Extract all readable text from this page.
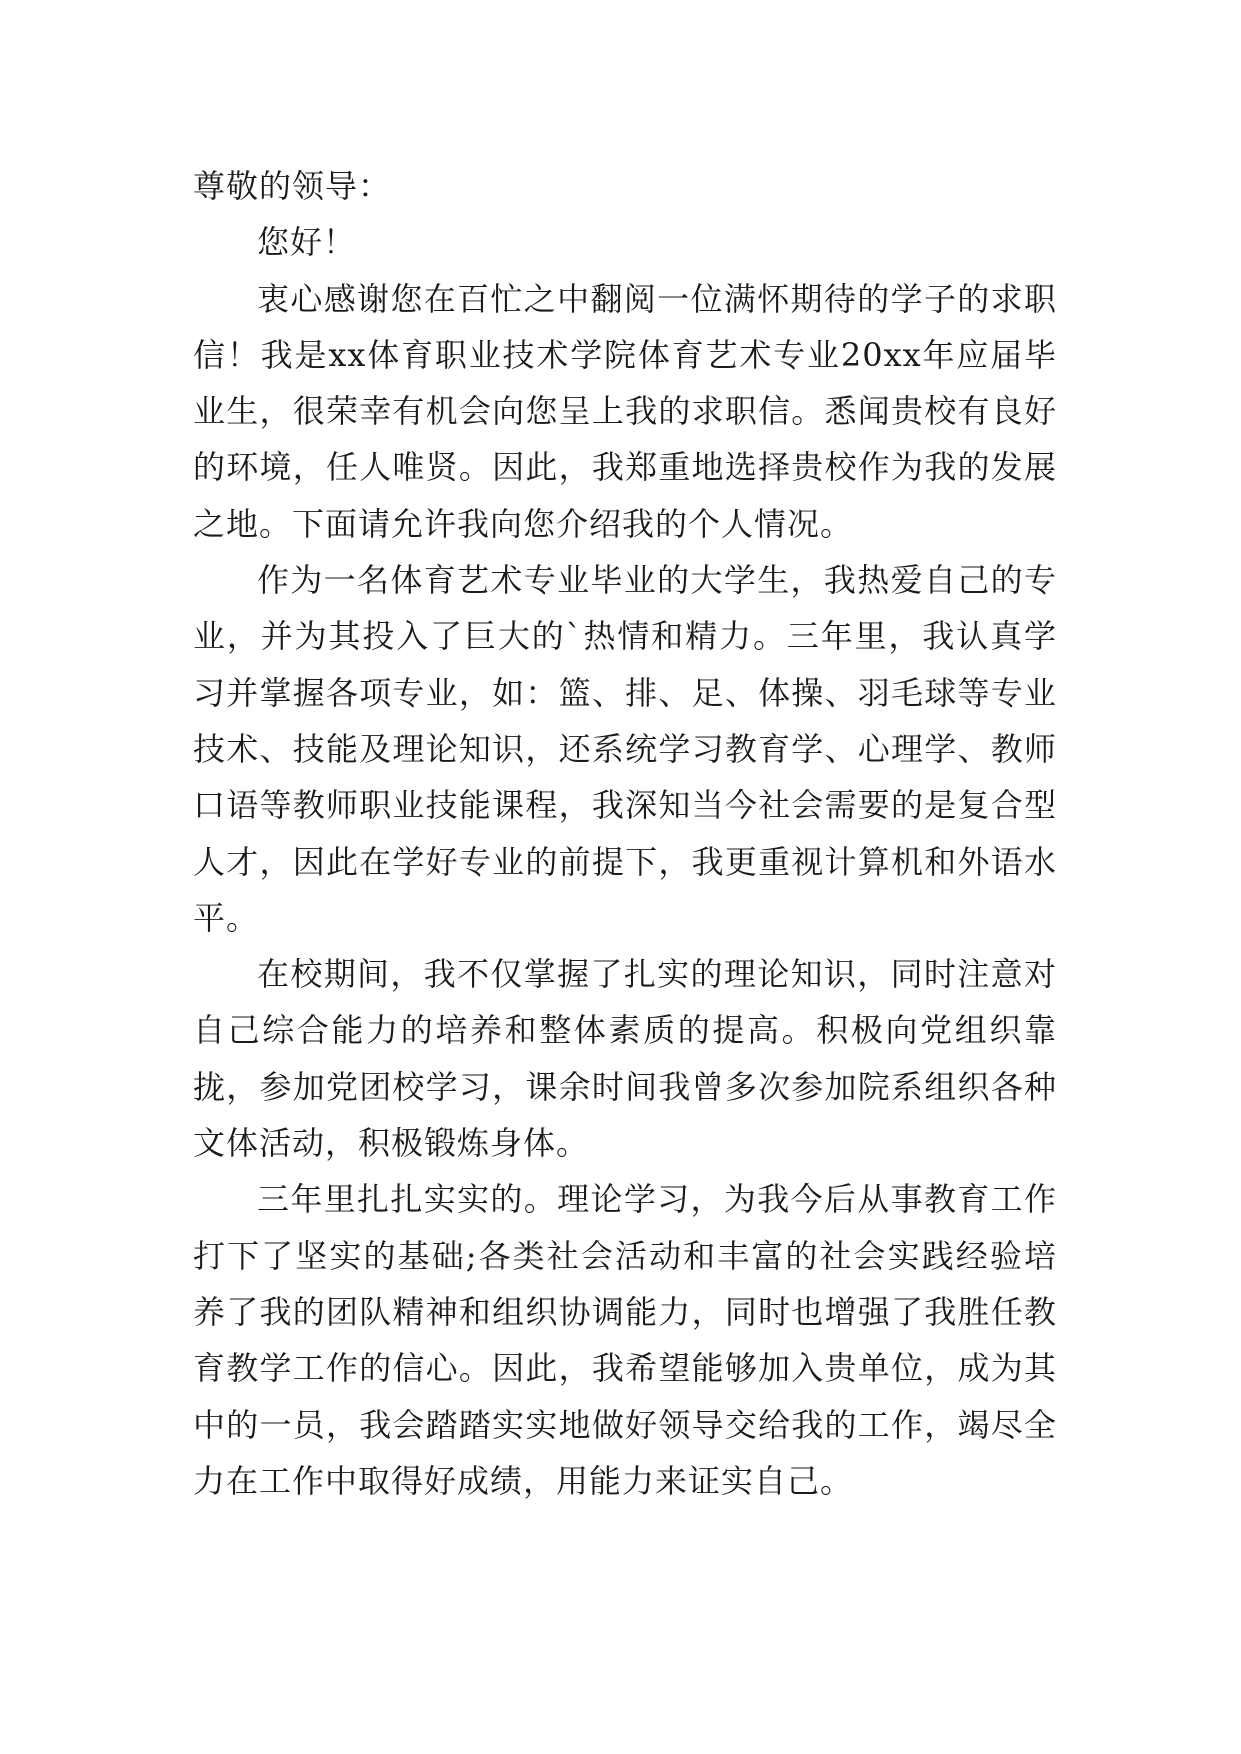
尊敬的领导：

您好！

衷心感谢您在百忙之中翻阅一位满怀期待的学子的求职信！我是xx体育职业技术学院体育艺术专业20xx年应届毕业生，很荣幸有机会向您呈上我的求职信。悉闻贵校有良好的环境，任人唯贤。因此，我郑重地选择贵校作为我的发展之地。下面请允许我向您介绍我的个人情况。

作为一名体育艺术专业毕业的大学生，我热爱自己的专业，并为其投入了巨大的`热情和精力。三年里，我认真学习并掌握各项专业，如：篮、排、足、体操、羽毛球等专业技术、技能及理论知识，还系统学习教育学、心理学、教师口语等教师职业技能课程，我深知当今社会需要的是复合型人才，因此在学好专业的前提下，我更重视计算机和外语水平。

在校期间，我不仅掌握了扎实的理论知识，同时注意对自己综合能力的培养和整体素质的提高。积极向党组织靠拢，参加党团校学习，课余时间我曾多次参加院系组织各种文体活动，积极锻炼身体。

三年里扎扎实实的。理论学习，为我今后从事教育工作打下了坚实的基础;各类社会活动和丰富的社会实践经验培养了我的团队精神和组织协调能力，同时也增强了我胜任教育教学工作的信心。因此，我希望能够加入贵单位，成为其中的一员，我会踏踏实实地做好领导交给我的工作，竭尽全力在工作中取得好成绩，用能力来证实自己。
